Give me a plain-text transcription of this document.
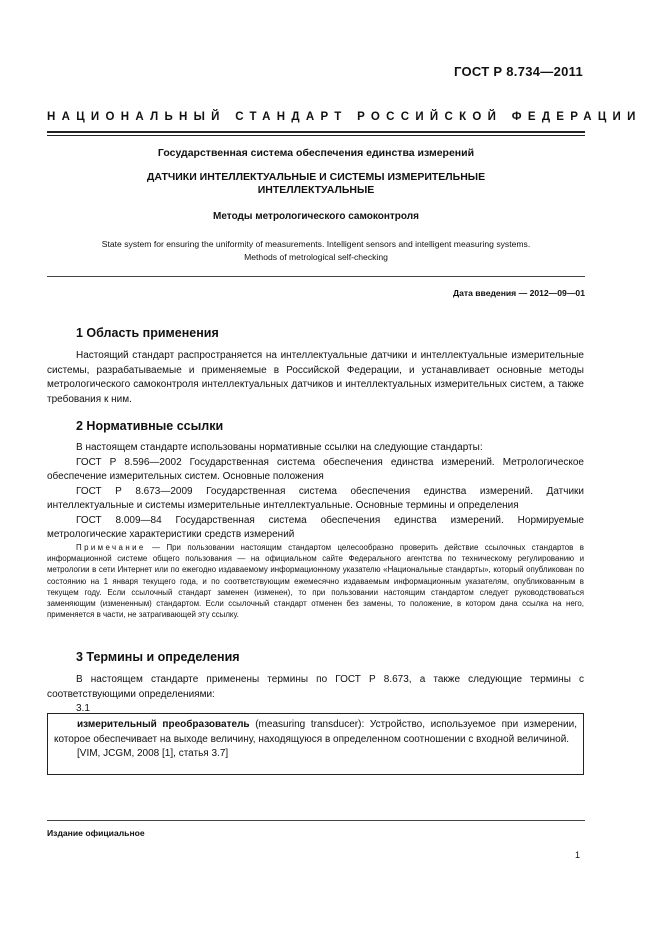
ГОСТ Р 8.734—2011
НАЦИОНАЛЬНЫЙ СТАНДАРТ РОССИЙСКОЙ ФЕДЕРАЦИИ
Государственная система обеспечения единства измерений
ДАТЧИКИ ИНТЕЛЛЕКТУАЛЬНЫЕ И СИСТЕМЫ ИЗМЕРИТЕЛЬНЫЕ
ИНТЕЛЛЕКТУАЛЬНЫЕ
Методы метрологического самоконтроля
State system for ensuring the uniformity of measurements. Intelligent sensors and intelligent measuring systems.
Methods of metrological self-checking
Дата введения — 2012—09—01
1 Область применения

Настоящий стандарт распространяется на интеллектуальные датчики и интеллектуальные измерительные системы, разрабатываемые и применяемые в Российской Федерации, и устанавливает основные методы метрологического самоконтроля интеллектуальных датчиков и интеллектуальных измерительных систем, а также требования к ним.

2 Нормативные ссылки

В настоящем стандарте использованы нормативные ссылки на следующие стандарты:

ГОСТ Р 8.596—2002 Государственная система обеспечения единства измерений. Метрологическое обеспечение измерительных систем. Основные положения

ГОСТ Р 8.673—2009 Государственная система обеспечения единства измерений. Датчики интеллектуальные и системы измерительные интеллектуальные. Основные термины и определения

ГОСТ 8.009—84 Государственная система обеспечения единства измерений. Нормируемые метрологические характеристики средств измерений

Примечание — При пользовании настоящим стандартом целесообразно проверить действие ссылочных стандартов в информационной системе общего пользования — на официальном сайте Федерального агентства по техническому регулированию и метрологии в сети Интернет или по ежегодно издаваемому информационному указателю «Национальные стандарты», который опубликован по состоянию на 1 января текущего года, и по соответствующим ежемесячно издаваемым информационным указателям, опубликованным в текущем году. Если ссылочный стандарт заменен (изменен), то при пользовании настоящим стандартом следует руководствоваться заменяющим (измененным) стандартом. Если ссылочный стандарт отменен без замены, то положение, в котором дана ссылка на него, применяется в части, не затрагивающей эту ссылку.

3 Термины и определения

В настоящем стандарте применены термины по ГОСТ Р 8.673, а также следующие термины с соответствующими определениями:

3.1

измерительный преобразователь (measuring transducer): Устройство, используемое при измерении, которое обеспечивает на выходе величину, находящуюся в определенном соотношении с входной величиной.
[VIM, JCGM, 2008 [1], статья 3.7]
Издание официальное
1
